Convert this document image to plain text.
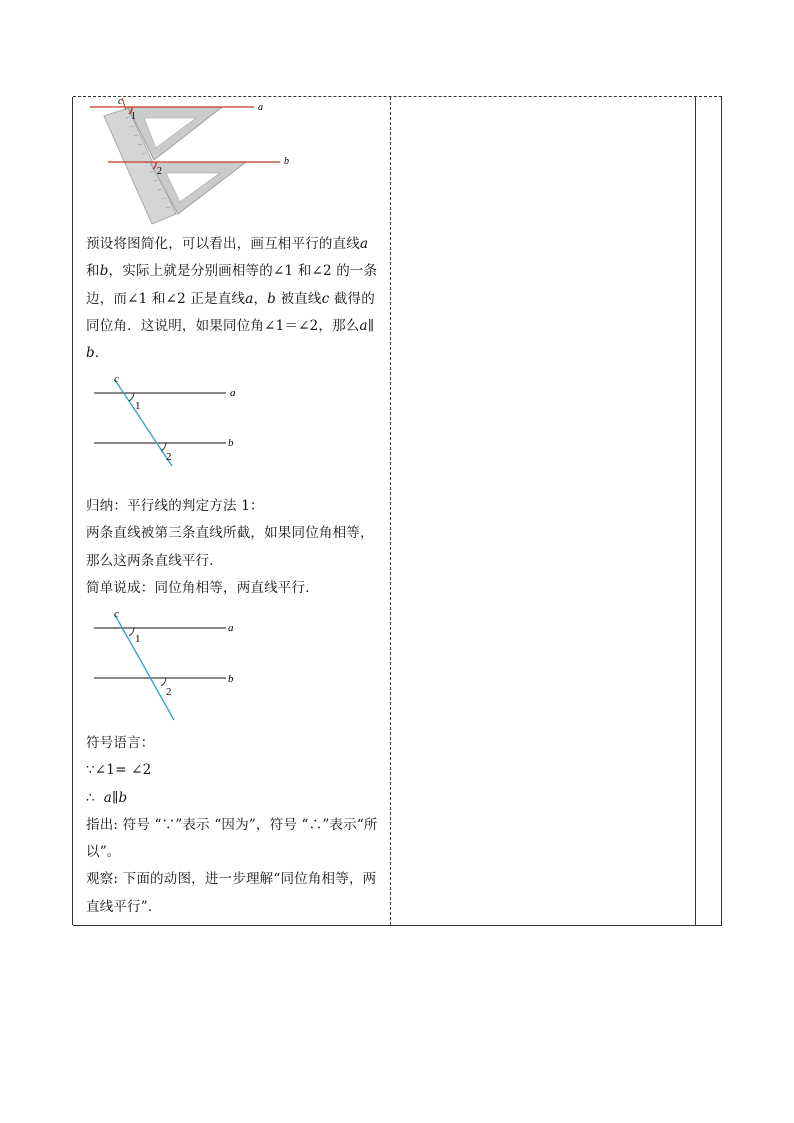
c
1
2
a
b

预设将图简化，可以看出，画互相平行的直线a

和b，实际上就是分别画相等的∠1 和∠2 的一条

边，而∠1 和∠2 正是直线a，b 被直线c 截得的

同位角．这说明，如果同位角∠1＝∠2，那么a∥

b．

c
1
2
a
b

归纳：平行线的判定方法 1：

两条直线被第三条直线所截，如果同位角相等，

那么这两条直线平行．

简单说成：同位角相等，两直线平行．

c
1
2
a
b

符号语言：

∵∠1= ∠2

∴ a∥b

指出: 符号 “∵”表示 “因为”，符号 “∴”表示“所

以”。

观察: 下面的动图，进一步理解“同位角相等，两

直线平行”．
